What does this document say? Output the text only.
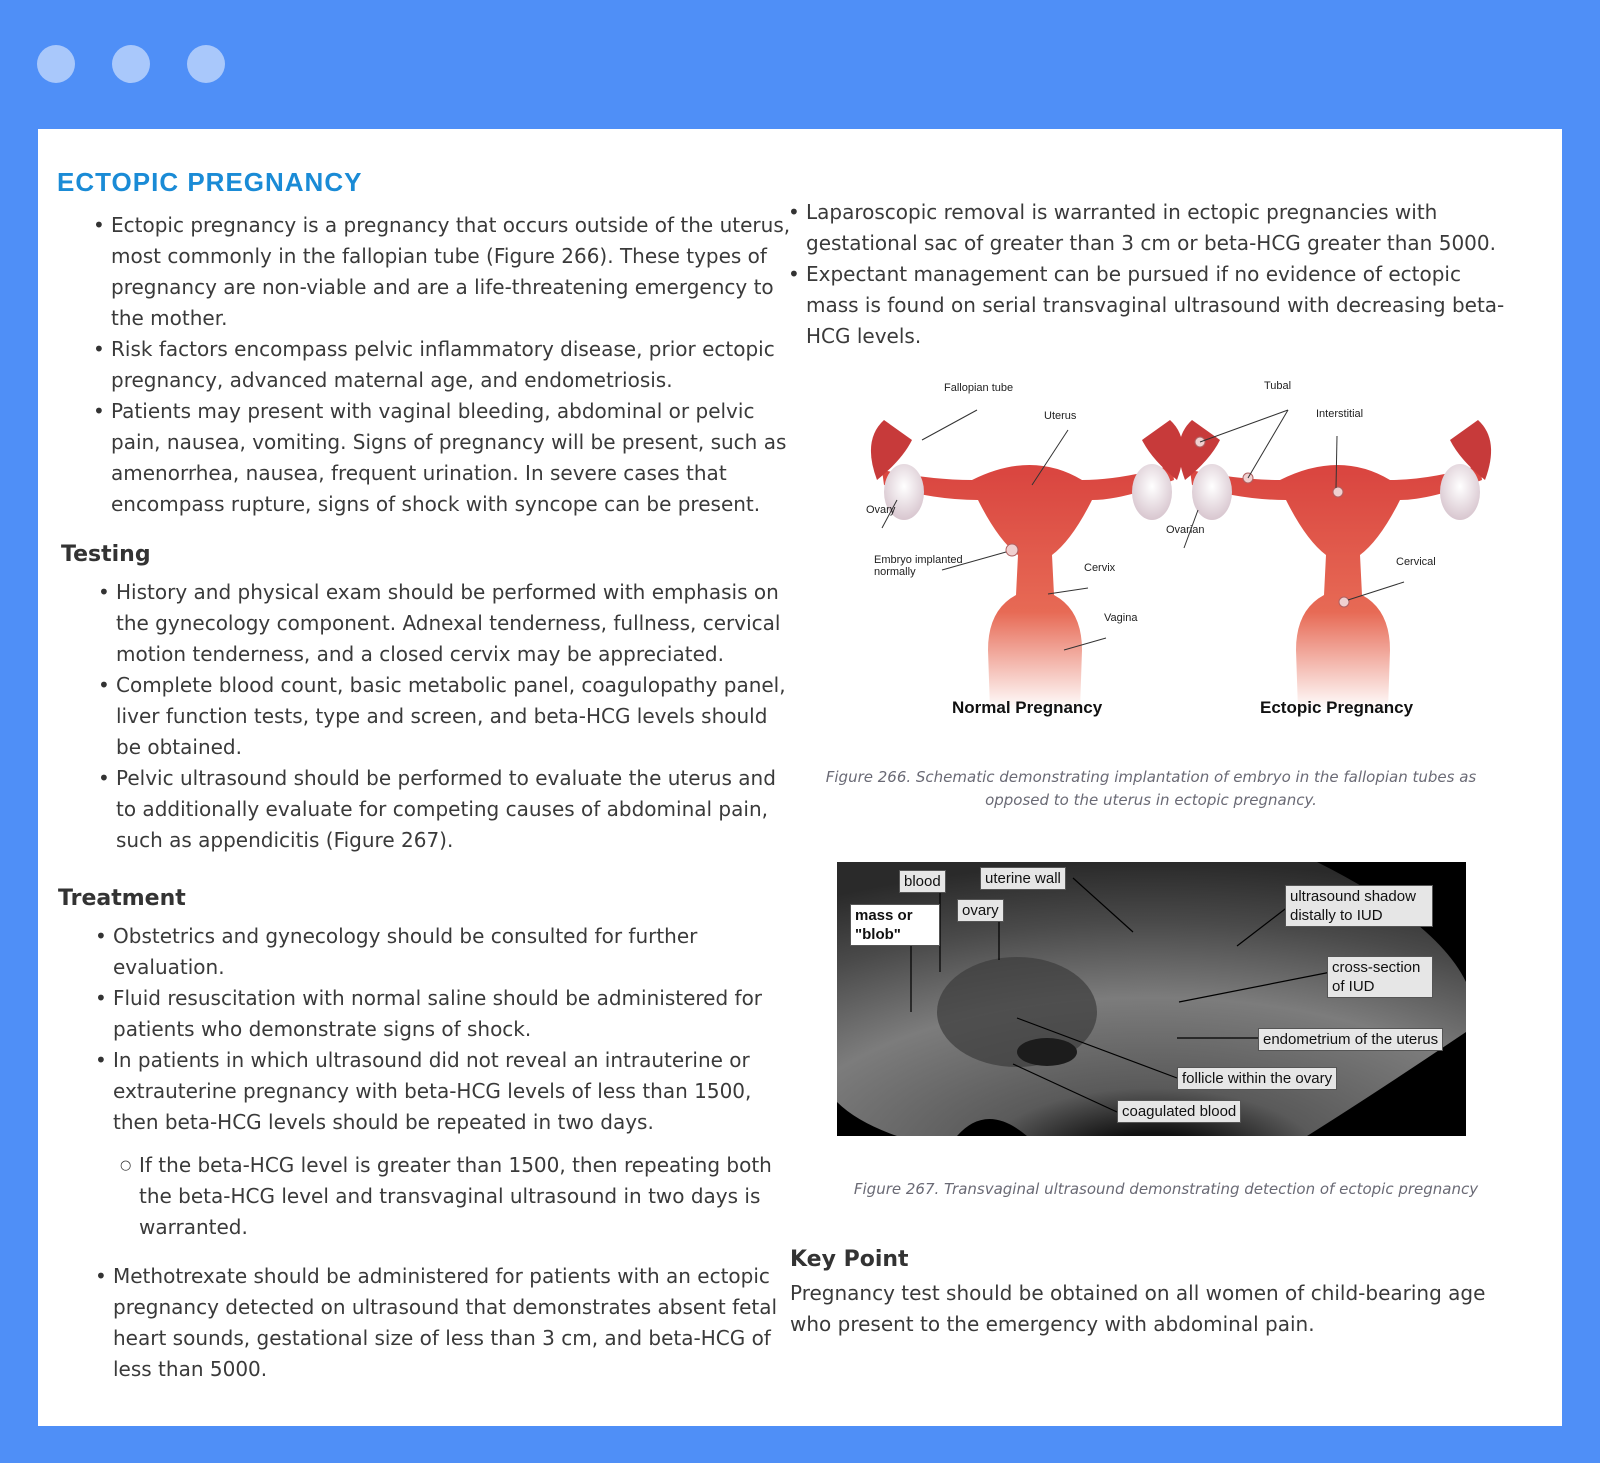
ECTOPIC PREGNANCY
• Ectopic pregnancy is a pregnancy that occurs outside of the uterus, most commonly in the fallopian tube (Figure 266). These types of pregnancy are non-viable and are a life-threatening emergency to the mother.
• Risk factors encompass pelvic inflammatory disease, prior ectopic pregnancy, advanced maternal age, and endometriosis.
• Patients may present with vaginal bleeding, abdominal or pelvic pain, nausea, vomiting. Signs of pregnancy will be present, such as amenorrhea, nausea, frequent urination. In severe cases that encompass rupture, signs of shock with syncope can be present.
Testing
• History and physical exam should be performed with emphasis on the gynecology component. Adnexal tenderness, fullness, cervical motion tenderness, and a closed cervix may be appreciated.
• Complete blood count, basic metabolic panel, coagulopathy panel, liver function tests, type and screen, and beta-HCG levels should be obtained.
• Pelvic ultrasound should be performed to evaluate the uterus and to additionally evaluate for competing causes of abdominal pain, such as appendicitis (Figure 267).
Treatment
• Obstetrics and gynecology should be consulted for further evaluation.
• Fluid resuscitation with normal saline should be administered for patients who demonstrate signs of shock.
• In patients in which ultrasound did not reveal an intrauterine or extrauterine pregnancy with beta-HCG levels of less than 1500, then beta-HCG levels should be repeated in two days.
○ If the beta-HCG level is greater than 1500, then repeating both the beta-HCG level and transvaginal ultrasound in two days is warranted.
• Methotrexate should be administered for patients with an ectopic pregnancy detected on ultrasound that demonstrates absent fetal heart sounds, gestational size of less than 3 cm, and beta-HCG of less than 5000.
• Laparoscopic removal is warranted in ectopic pregnancies with gestational sac of greater than 3 cm or beta-HCG greater than 5000.
• Expectant management can be pursued if no evidence of ectopic mass is found on serial transvaginal ultrasound with decreasing beta-HCG levels.
Fallopian tube
Uterus
Ovary
Embryo implanted normally	Cervix
Vagina
Tubal
Interstitial
Ovarian
Cervical
Normal Pregnancy	Ectopic Pregnancy
Figure 266. Schematic demonstrating implantation of embryo in the fallopian tubes as opposed to the uterus in ectopic pregnancy.
blood	uterine wall
mass or "blob"
ovary
ultrasound shadow distally to IUD
cross-section of IUD
endometrium of the uterus
follicle within the ovary
coagulated blood
Figure 267. Transvaginal ultrasound demonstrating detection of ectopic pregnancy
Key Point
Pregnancy test should be obtained on all women of child-bearing age who present to the emergency with abdominal pain.
